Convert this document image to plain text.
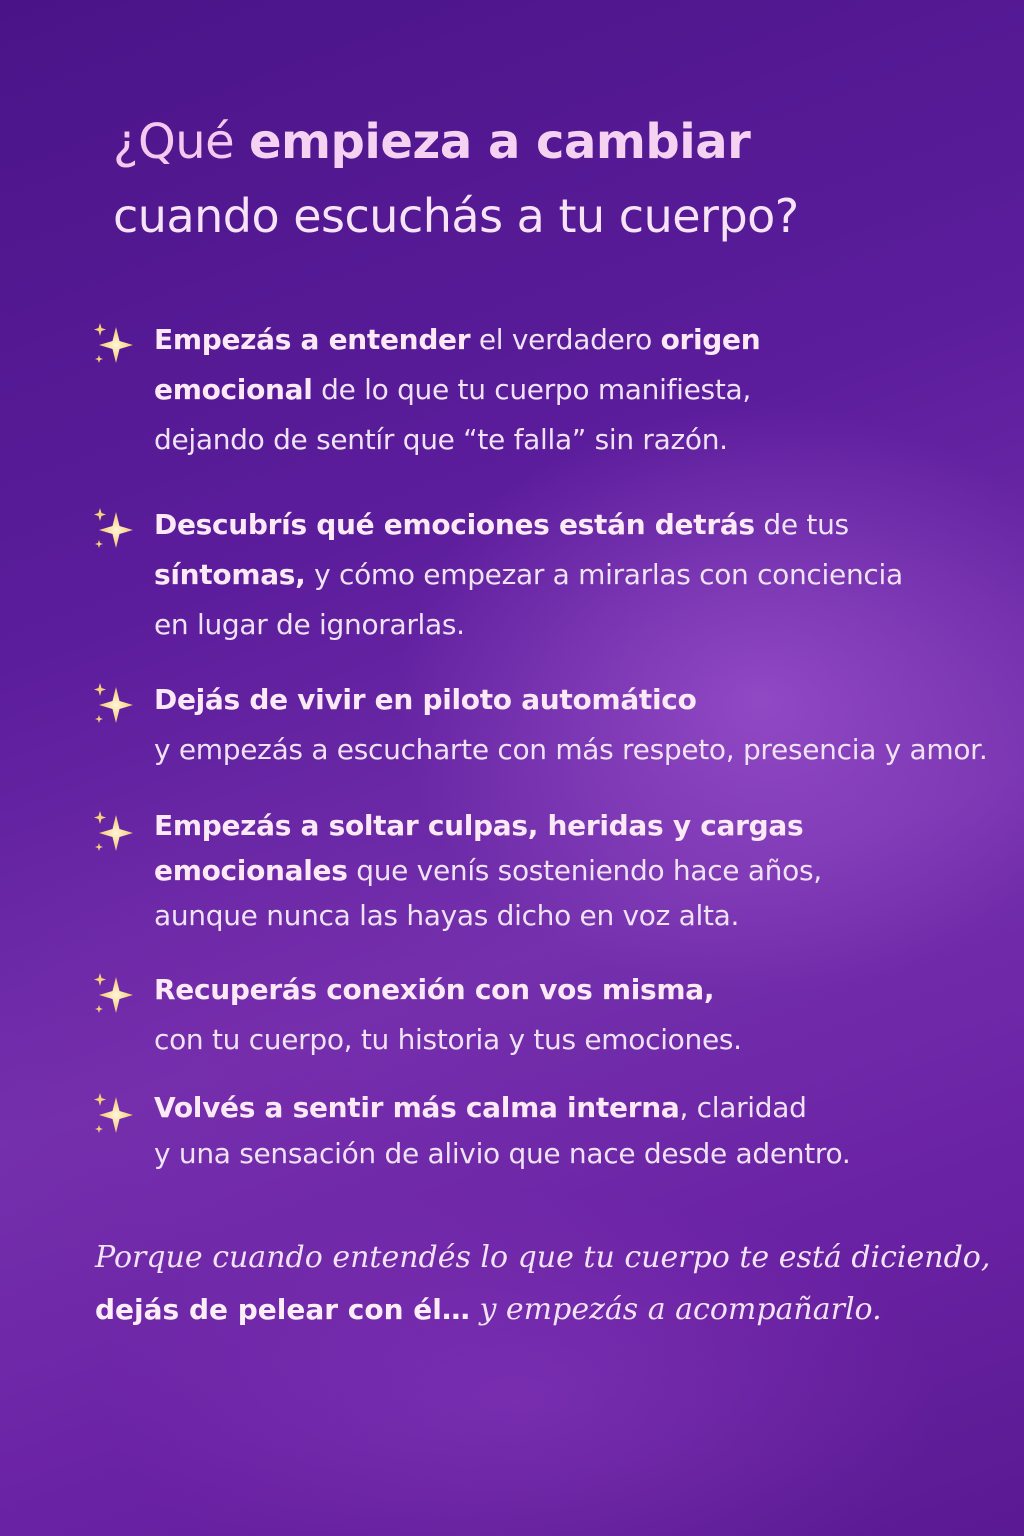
¿Qué empieza a cambiar
cuando escuchás a tu cuerpo?
Empezás a entender el verdadero origen
emocional de lo que tu cuerpo manifiesta,
dejando de sentír que “te falla” sin razón.
Descubrís qué emociones están detrás de tus
síntomas, y cómo empezar a mirarlas con conciencia
en lugar de ignorarlas.
Dejás de vivir en piloto automático
y empezás a escucharte con más respeto, presencia y amor.
Empezás a soltar culpas, heridas y cargas
emocionales que venís sosteniendo hace años,
aunque nunca las hayas dicho en voz alta.
Recuperás conexión con vos misma,
con tu cuerpo, tu historia y tus emociones.
Volvés a sentir más calma interna, claridad
y una sensación de alivio que nace desde adentro.
Porque cuando entendés lo que tu cuerpo te está diciendo,
dejás de pelear con él… y empezás a acompañarlo.
